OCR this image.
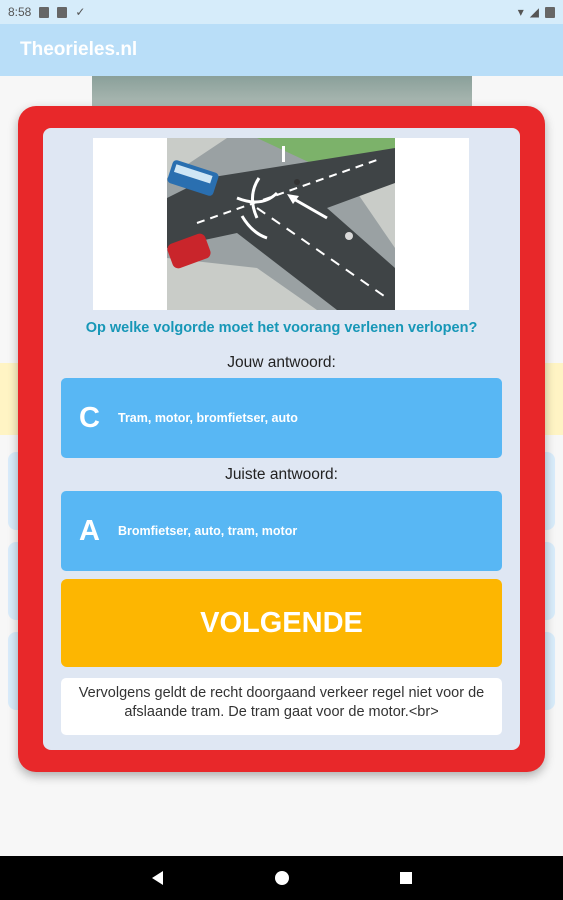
8:58	✓	▾ ◢
Theorieles.nl
Op welke volgorde moet het voorang verlenen verlopen?
Jouw antwoord:
C	Tram, motor, bromfietser, auto
Juiste antwoord:
A	Bromfietser, auto, tram, motor
VOLGENDE
Vervolgens geldt de recht doorgaand verkeer regel niet voor de afslaande tram. De tram gaat voor de motor.<br>
